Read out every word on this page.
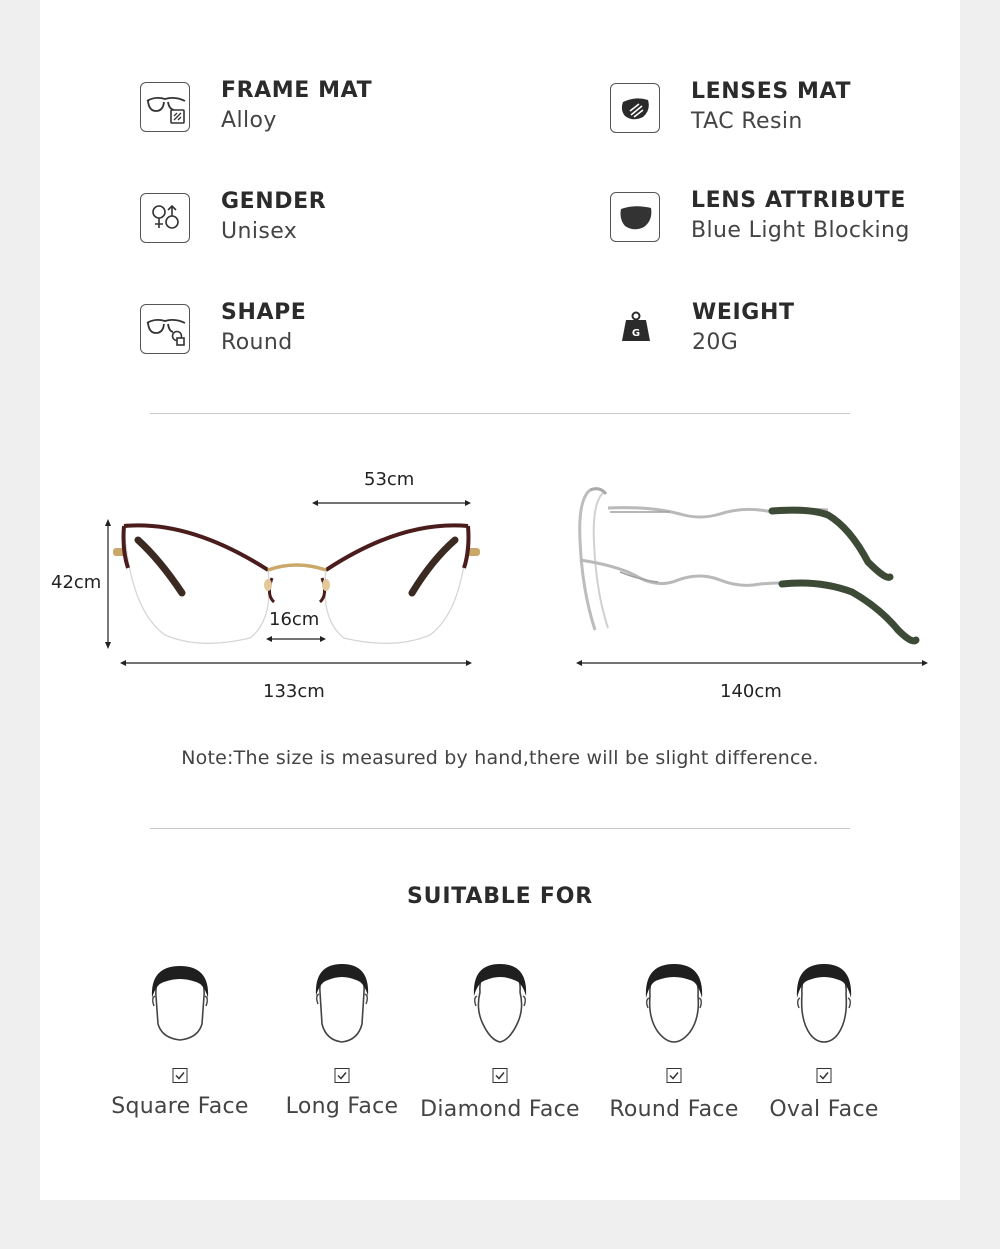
FRAME MAT
Alloy
LENSES MAT
TAC Resin
GENDER
Unisex
LENS ATTRIBUTE
Blue Light Blocking
SHAPE
Round	G
WEIGHT
20G
53cm
42cm
16cm
133cm	140cm
Note:The size is measured by hand,there will be slight difference.
SUITABLE FOR
Square Face	Long Face Diamond Face	Round Face	Oval Face
